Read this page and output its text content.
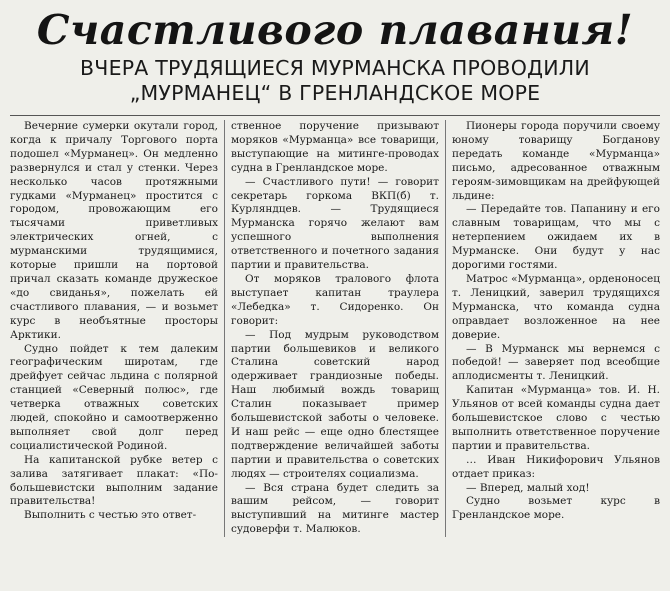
Счастливого плавания!
ВЧЕРА ТРУДЯЩИЕСЯ МУРМАНСКА ПРОВОДИЛИ
„МУРМАНЕЦ“ В ГРЕНЛАНДСКОЕ МОРЕ

Вечерние сумерки окутали город, когда к причалу Торгового порта подошел «Мурманец». Он медленно развернулся и стал у стенки. Через несколько часов протяжными гудками «Мурманец» простится с городом, провожающим его тысячами приветливых электрических огней, с мурманскими трудящимися, которые пришли на портовой причал сказать команде дружеское «до свиданья», пожелать ей счастливого плавания, — и возьмет курс в необъятные просторы Арктики.

Судно пойдет к тем далеким географическим широтам, где дрейфует сейчас льдина с полярной станцией «Северный полюс», где четверка отважных советских людей, спокойно и самоотверженно выполняет свой долг перед социалистической Родиной.

На капитанской рубке ветер с залива затягивает плакат: «По-большевистски выполним задание правительства!

Выполнить с честью это ответ-

ственное поручение призывают моряков «Мурманца» все товарищи, выступающие на митинге-проводах судна в Гренландское море.

— Счастливого пути! — говорит секретарь горкома ВКП(б) т. Курляндцев. — Трудящиеся Мурманска горячо желают вам успешного выполнения ответственного и почетного задания партии и правительства.

От моряков тралового флота выступает капитан траулера «Лебедка» т. Сидоренко. Он говорит:

— Под мудрым руководством партии большевиков и великого Сталина советский народ одерживает грандиозные победы. Наш любимый вождь товарищ Сталин показывает пример большевистской заботы о человеке. И наш рейс — еще одно блестящее подтверждение величайшей заботы партии и правительства о советских людях — строителях социализма.

— Вся страна будет следить за вашим рейсом, — говорит выступивший на митинге мастер судоверфи т. Малюков.

Пионеры города поручили своему юному товарищу Богданову передать команде «Мурманца» письмо, адресованное отважным героям-зимовщикам на дрейфующей льдине:

— Передайте тов. Папанину и его славным товарищам, что мы с нетерпением ожидаем их в Мурманске. Они будут у нас дорогими гостями.

Матрос «Мурманца», орденоносец т. Леницкий, заверил трудящихся Мурманска, что команда судна оправдает возложенное на нее доверие.

— В Мурманск мы вернемся с победой! — заверяет под всеобщие аплодисменты т. Леницкий.

Капитан «Мурманца» тов. И. Н. Ульянов от всей команды судна дает большевистское слово с честью выполнить ответственное поручение партии и правительства.

… Иван Никифорович Ульянов отдает приказ:

— Вперед, малый ход!

Судно возьмет курс в Гренландское море.
